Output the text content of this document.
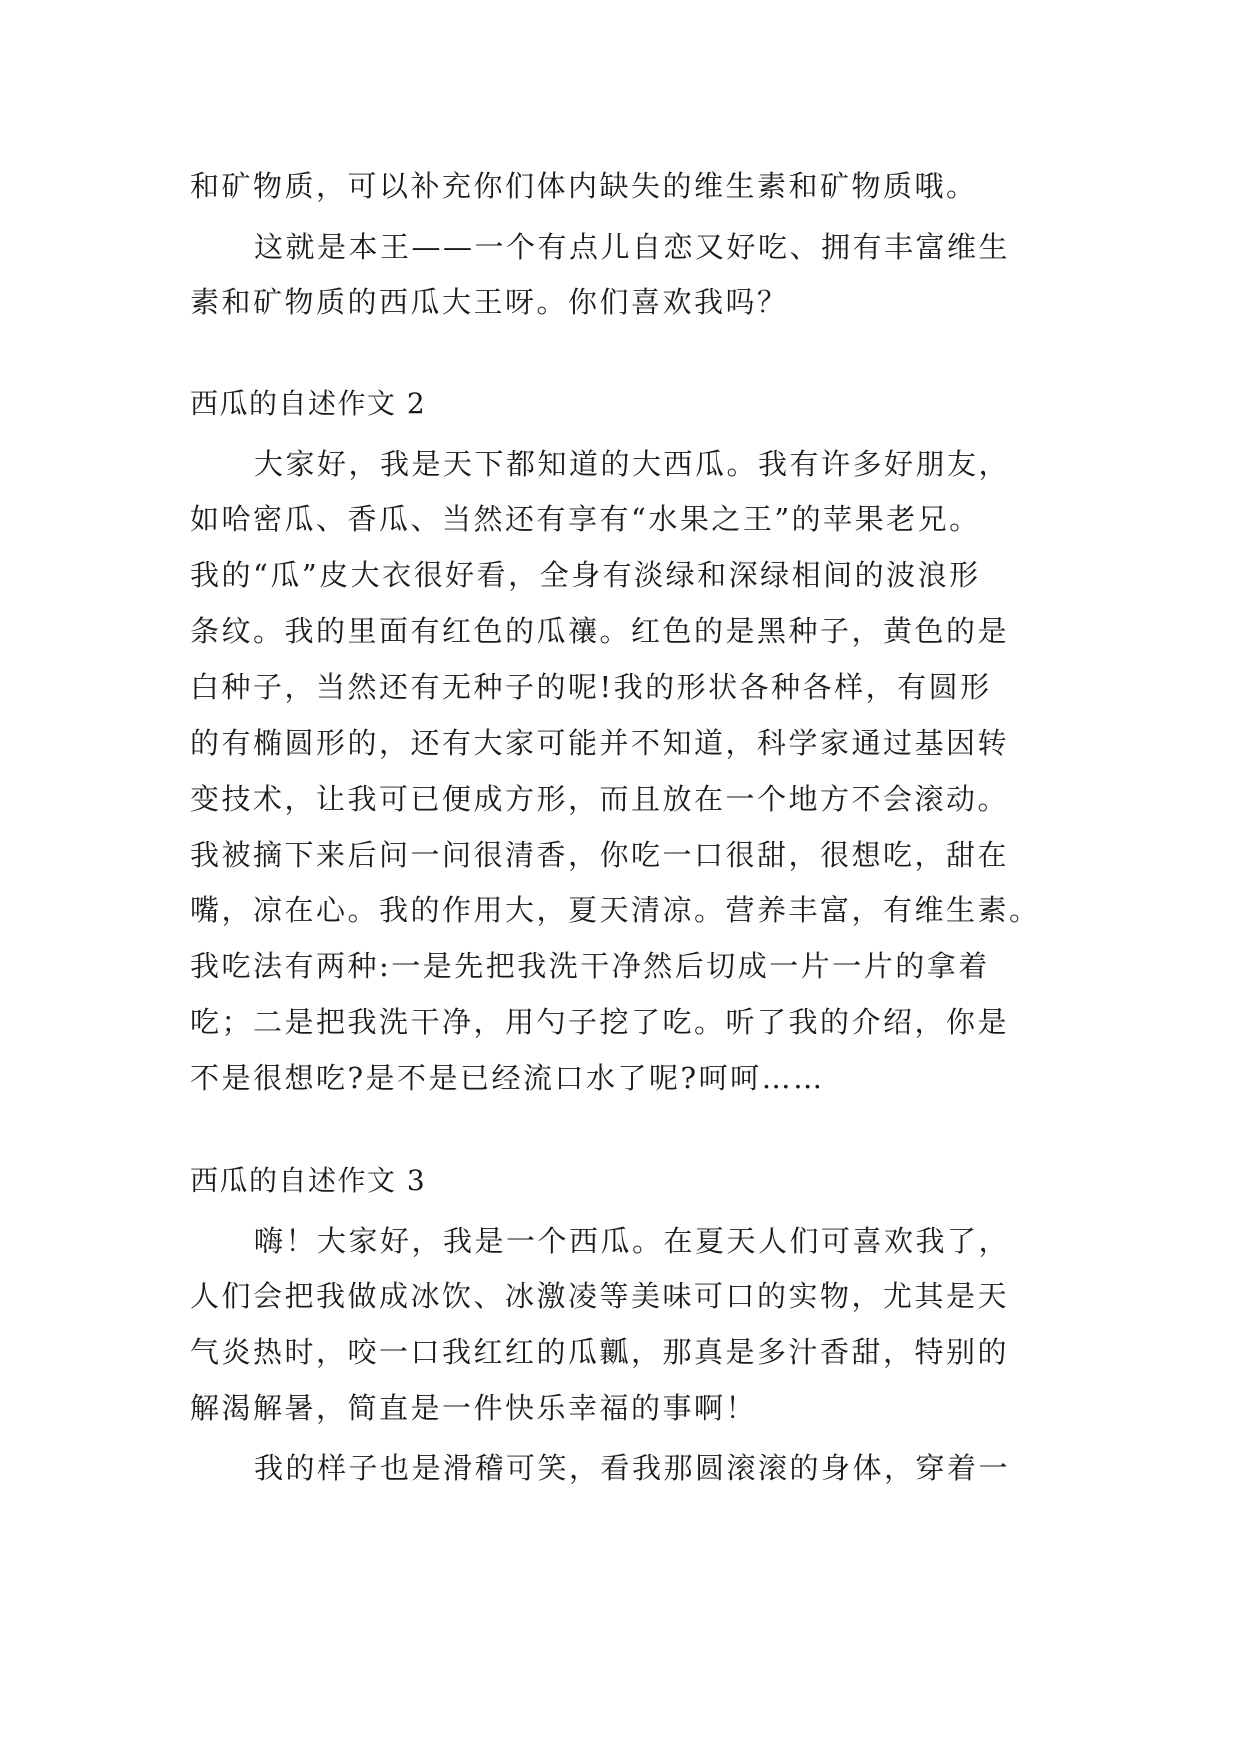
和矿物质，可以补充你们体内缺失的维生素和矿物质哦。
这就是本王——一个有点儿自恋又好吃、拥有丰富维生
素和矿物质的西瓜大王呀。你们喜欢我吗？
西瓜的自述作文 2
大家好，我是天下都知道的大西瓜。我有许多好朋友，
如哈密瓜、香瓜、当然还有享有“水果之王”的苹果老兄。
我的“瓜”皮大衣很好看，全身有淡绿和深绿相间的波浪形
条纹。我的里面有红色的瓜禳。红色的是黑种子，黄色的是
白种子，当然还有无种子的呢!我的形状各种各样，有圆形
的有椭圆形的，还有大家可能并不知道，科学家通过基因转
变技术，让我可已便成方形，而且放在一个地方不会滚动。
我被摘下来后问一问很清香，你吃一口很甜，很想吃，甜在
嘴，凉在心。我的作用大，夏天清凉。营养丰富，有维生素。
我吃法有两种:一是先把我洗干净然后切成一片一片的拿着
吃；二是把我洗干净，用勺子挖了吃。听了我的介绍，你是
不是很想吃?是不是已经流口水了呢?呵呵……
西瓜的自述作文 3
嗨！大家好，我是一个西瓜。在夏天人们可喜欢我了，
人们会把我做成冰饮、冰激凌等美味可口的实物，尤其是天
气炎热时，咬一口我红红的瓜瓤，那真是多汁香甜，特别的
解渴解暑，简直是一件快乐幸福的事啊！
我的样子也是滑稽可笑，看我那圆滚滚的身体，穿着一
